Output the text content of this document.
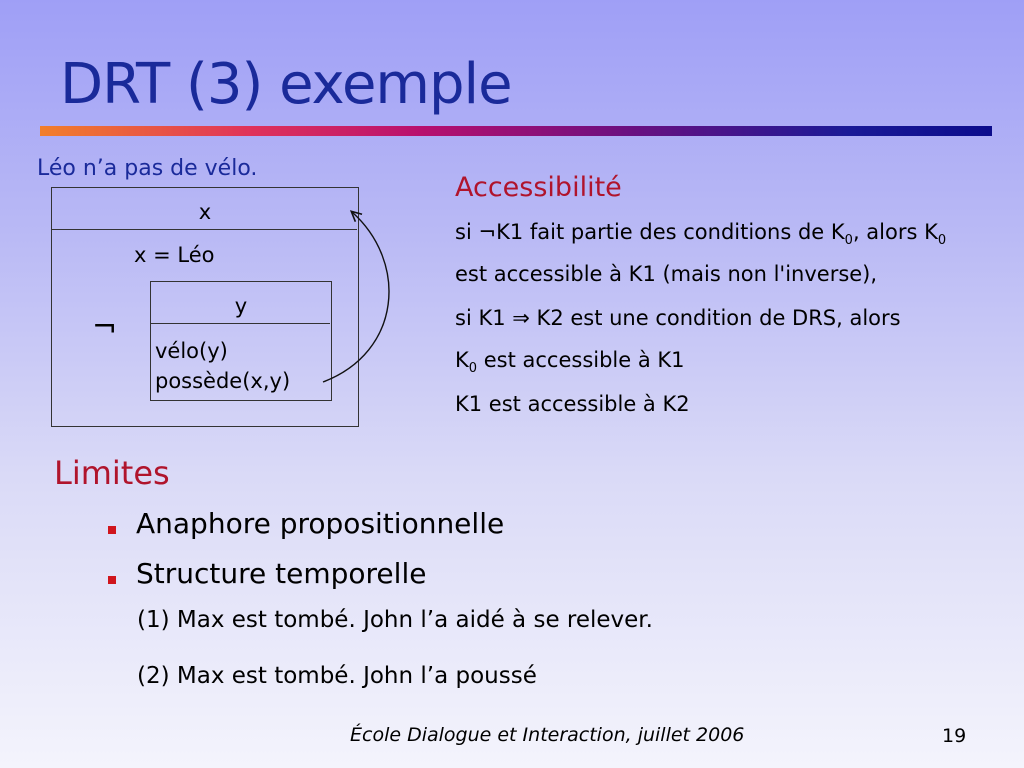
DRT (3) exemple
Léo n’a pas de vélo.
x
x = Léo
¬
y
vélo(y)
possède(x,y)
Accessibilité
si ¬K1 fait partie des conditions de $K_0$, alors $K_0$
est accessible à K1 (mais non l'inverse),
si K1 ⇒ K2 est une condition de DRS, alors
$K_0$ est accessible à K1
K1 est accessible à K2
Limites
Anaphore propositionnelle
Structure temporelle
(1) Max est tombé. John l’a aidé à se relever.
(2) Max est tombé. John l’a poussé
École Dialogue et Interaction, juillet 2006	19
